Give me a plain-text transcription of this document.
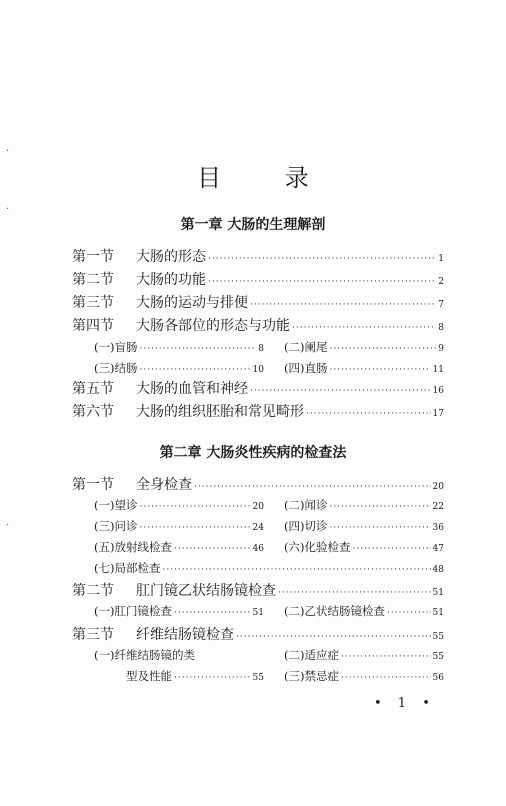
·
·
·
目 录
第一章 大肠的生理解剖
第一节	大肠的形态 ·····	1
第二节	大肠的功能 ·····	2
第三节	大肠的运动与排便 ·····	7
第四节	大肠各部位的形态与功能 ·····	8
(一) 盲肠 ·····	8 (二) 阑尾 ·····	9
(三) 结肠 ·····	10 (四) 直肠 ·····	11
第五节	大肠的血管和神经 ·····	16
第六节	大肠的组织胚胎和常见畸形 ·····	17
第二章 大肠炎性疾病的检查法
第一节	全身检查 ·····	20
(一) 望诊 ·····	20 (二) 闻诊 ·····	22
(三) 问诊 ·····	24 (四) 切诊 ·····	36
(五) 放射线检查 ·····	46 (六) 化验检查 ·····	47
(七) 局部检查 ·····	48
第二节	肛门镜乙状结肠镜检查 ·····	51
(一) 肛门镜检查 ·····	51 (二) 乙状结肠镜检查 ·····	51
第三节	纤维结肠镜检查 ·····	55
(一) 纤维结肠镜的类	(二) 适应症 ·····	55
型及性能 ·····	55 (三) 禁忌症 ·····	56
• 1 •
